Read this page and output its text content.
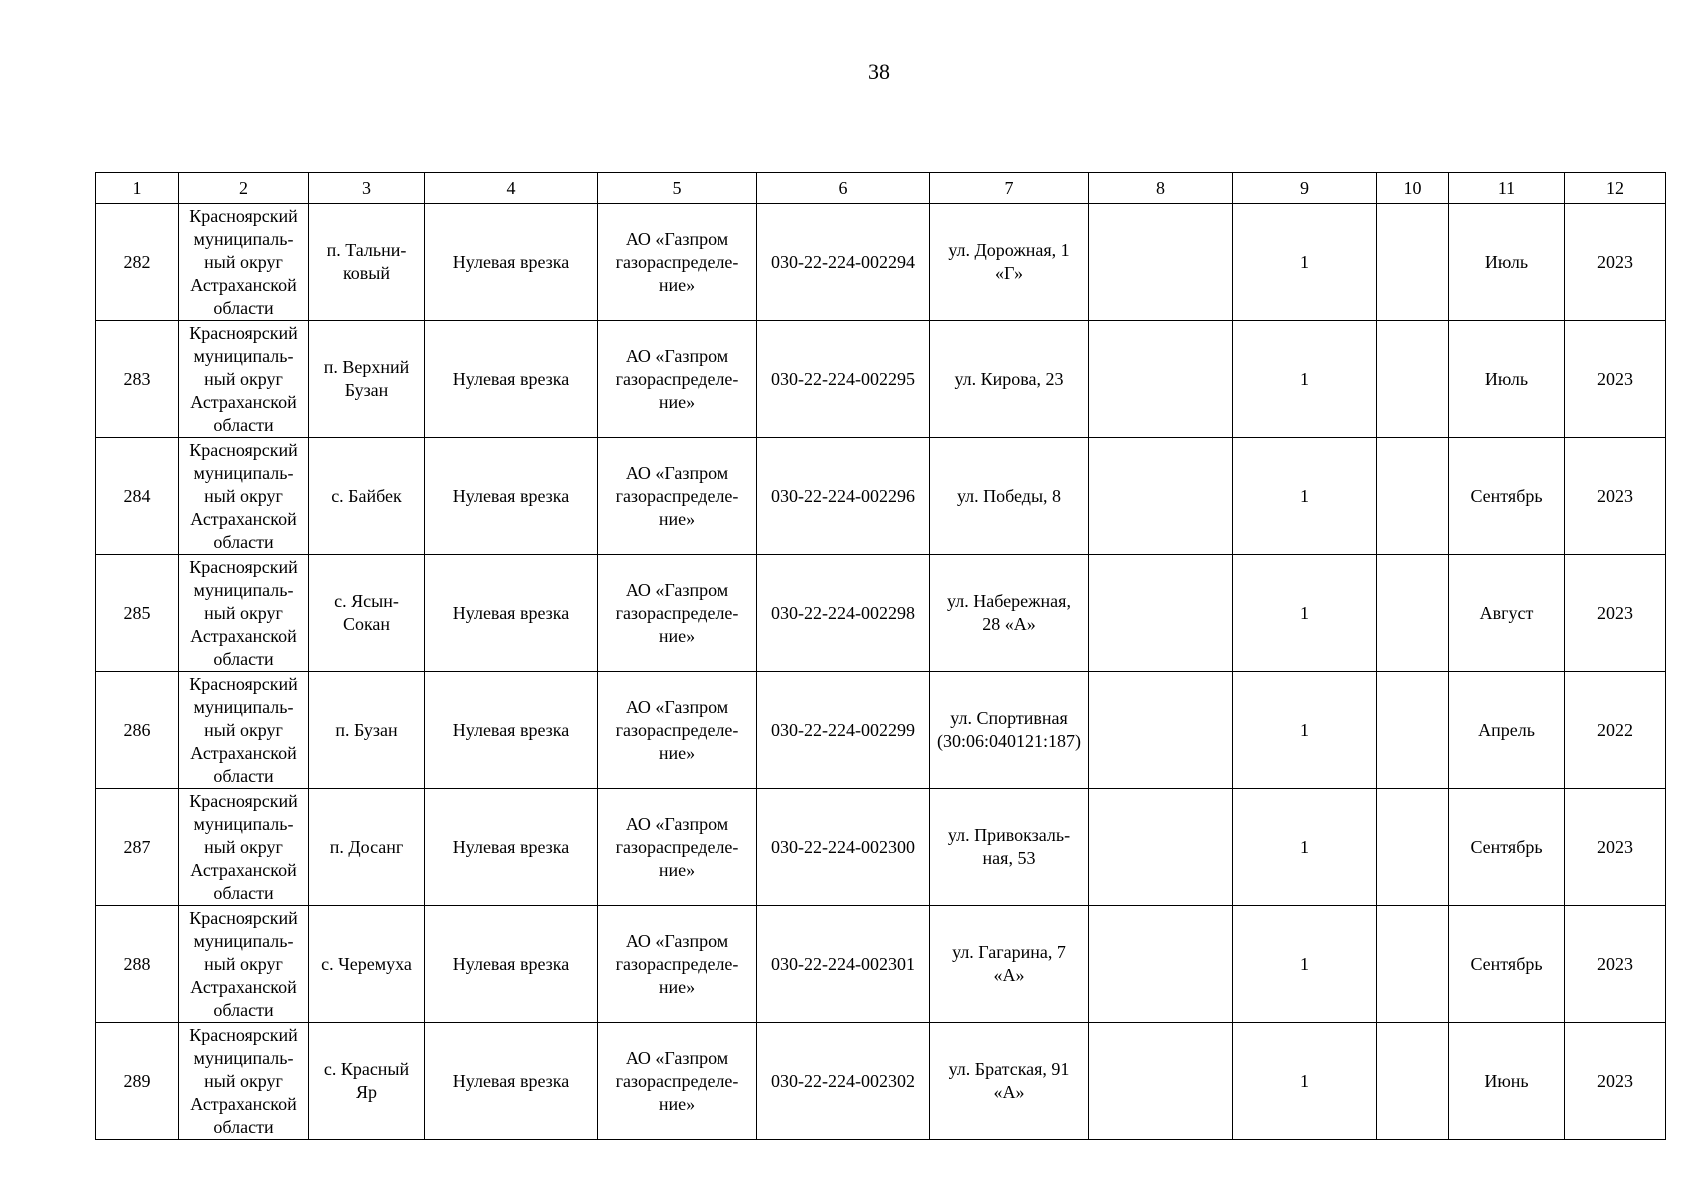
38
1	2	3	4	5	6	7	8	9	10	11	12

282	Красноярский
муниципаль-
ный округ
Астраханской
области	п. Тальни-
ковый	Нулевая врезка	АО «Газпром
газораспределе-
ние»	030-22-224-002294	ул. Дорожная, 1
«Г»		1		Июль	2023

283	Красноярский
муниципаль-
ный округ
Астраханской
области	п. Верхний
Бузан	Нулевая врезка	АО «Газпром
газораспределе-
ние»	030-22-224-002295	ул. Кирова, 23		1		Июль	2023

284	Красноярский
муниципаль-
ный округ
Астраханской
области	с. Байбек	Нулевая врезка	АО «Газпром
газораспределе-
ние»	030-22-224-002296	ул. Победы, 8		1		Сентябрь	2023

285	Красноярский
муниципаль-
ный округ
Астраханской
области	с. Ясын-
Сокан	Нулевая врезка	АО «Газпром
газораспределе-
ние»	030-22-224-002298	ул. Набережная,
28 «А»		1		Август	2023

286	Красноярский
муниципаль-
ный округ
Астраханской
области	п. Бузан	Нулевая врезка	АО «Газпром
газораспределе-
ние»	030-22-224-002299	ул. Спортивная
(30:06:040121:187)		1		Апрель	2022

287	Красноярский
муниципаль-
ный округ
Астраханской
области	п. Досанг	Нулевая врезка	АО «Газпром
газораспределе-
ние»	030-22-224-002300	ул. Привокзаль-
ная, 53		1		Сентябрь	2023

288	Красноярский
муниципаль-
ный округ
Астраханской
области	с. Черемуха	Нулевая врезка	АО «Газпром
газораспределе-
ние»	030-22-224-002301	ул. Гагарина, 7
«А»		1		Сентябрь	2023

289	Красноярский
муниципаль-
ный округ
Астраханской
области	с. Красный
Яр	Нулевая врезка	АО «Газпром
газораспределе-
ние»	030-22-224-002302	ул. Братская, 91
«А»		1		Июнь	2023
